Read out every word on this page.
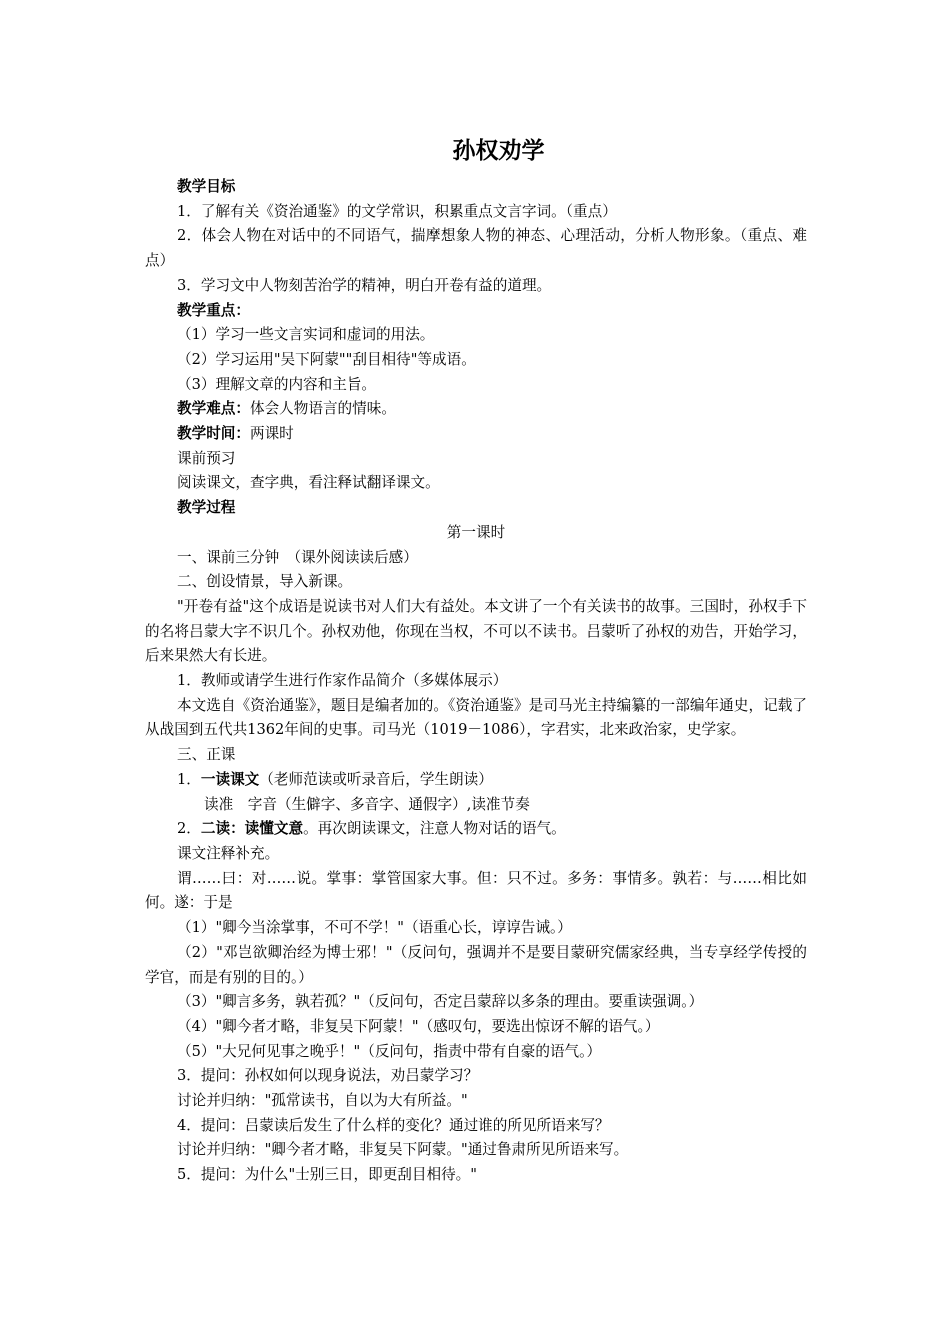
孙权劝学

教学目标

1．了解有关《资治通鉴》的文学常识，积累重点文言字词。（重点）

2．体会人物在对话中的不同语气，揣摩想象人物的神态、心理活动，分析人物形象。（重点、难点）

3．学习文中人物刻苦治学的精神，明白开卷有益的道理。

教学重点：

（1）学习一些文言实词和虚词的用法。

（2）学习运用"吴下阿蒙""刮目相待"等成语。

（3）理解文章的内容和主旨。

教学难点：体会人物语言的情味。

教学时间：两课时

课前预习

阅读课文，查字典，看注释试翻译课文。

教学过程

第一课时

一、课前三分钟　（课外阅读读后感）

二、创设情景，导入新课。

"开卷有益"这个成语是说读书对人们大有益处。本文讲了一个有关读书的故事。三国时，孙权手下的名将吕蒙大字不识几个。孙权劝他，你现在当权，不可以不读书。吕蒙听了孙权的劝告，开始学习，后来果然大有长进。

1．教师或请学生进行作家作品简介（多媒体展示）

本文选自《资治通鉴》，题目是编者加的。《资治通鉴》是司马光主持编纂的一部编年通史，记载了从战国到五代共1362年间的史事。司马光（1019－1086），字君实，北来政治家，史学家。

三、正课

1．一读课文（老师范读或听录音后，学生朗读）

读准　字音（生僻字、多音字、通假字）,读准节奏

2．二读：读懂文意。再次朗读课文，注意人物对话的语气。

课文注释补充。

谓……曰：对……说。掌事：掌管国家大事。但：只不过。多务：事情多。孰若：与……相比如何。遂：于是

（1）"卿今当涂掌事，不可不学！"（语重心长，谆谆告诫。）

（2）"邓岂欲卿治经为博士邪！"（反问句，强调并不是要目蒙研究儒家经典，当专享经学传授的学官，而是有别的目的。）

（3）"卿言多务，孰若孤？"（反问句，否定吕蒙辞以多条的理由。要重读强调。）

（4）"卿今者才略，非复吴下阿蒙！"（感叹句，要选出惊讶不解的语气。）

（5）"大兄何见事之晚乎！"（反问句，指责中带有自豪的语气。）

3．提问：孙权如何以现身说法，劝吕蒙学习？

讨论并归纳："孤常读书，自以为大有所益。"

4．提问：吕蒙读后发生了什么样的变化？通过谁的所见所语来写？

讨论并归纳："卿今者才略，非复吴下阿蒙。"通过鲁肃所见所语来写。

5．提问：为什么"士别三日，即更刮目相待。"
